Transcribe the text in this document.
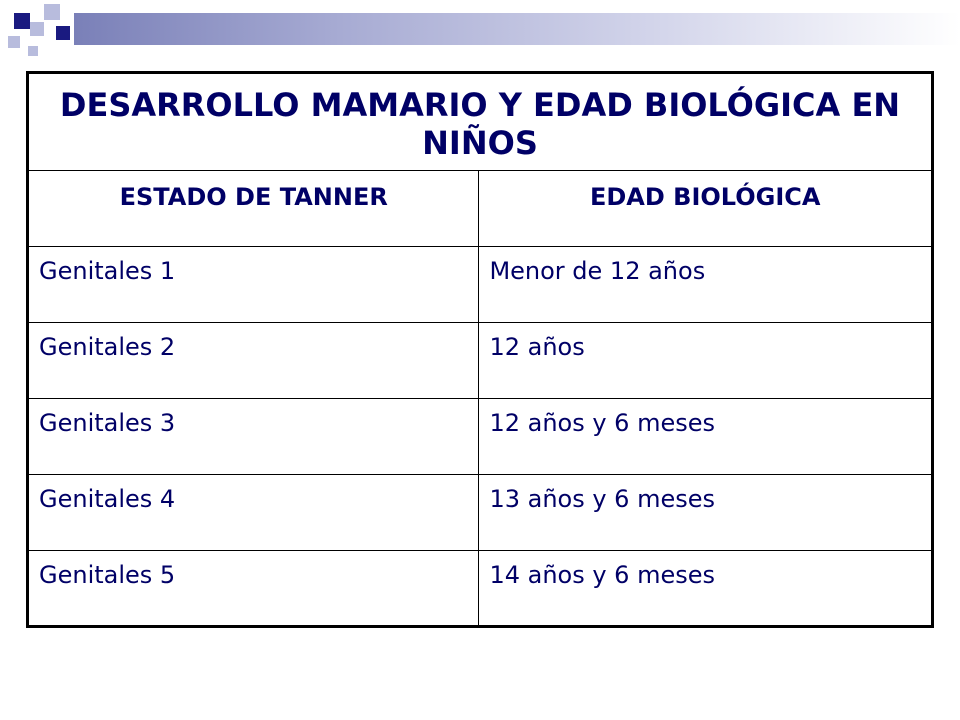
DESARROLLO MAMARIO Y EDAD BIOLÓGICA EN NIÑOS	
ESTADO DE TANNER	EDAD BIOLÓGICA
Genitales 1	Menor de 12 años
Genitales 2	12 años
Genitales 3	12 años y 6 meses
Genitales 4	13 años y 6 meses
Genitales 5	14 años y 6 meses
